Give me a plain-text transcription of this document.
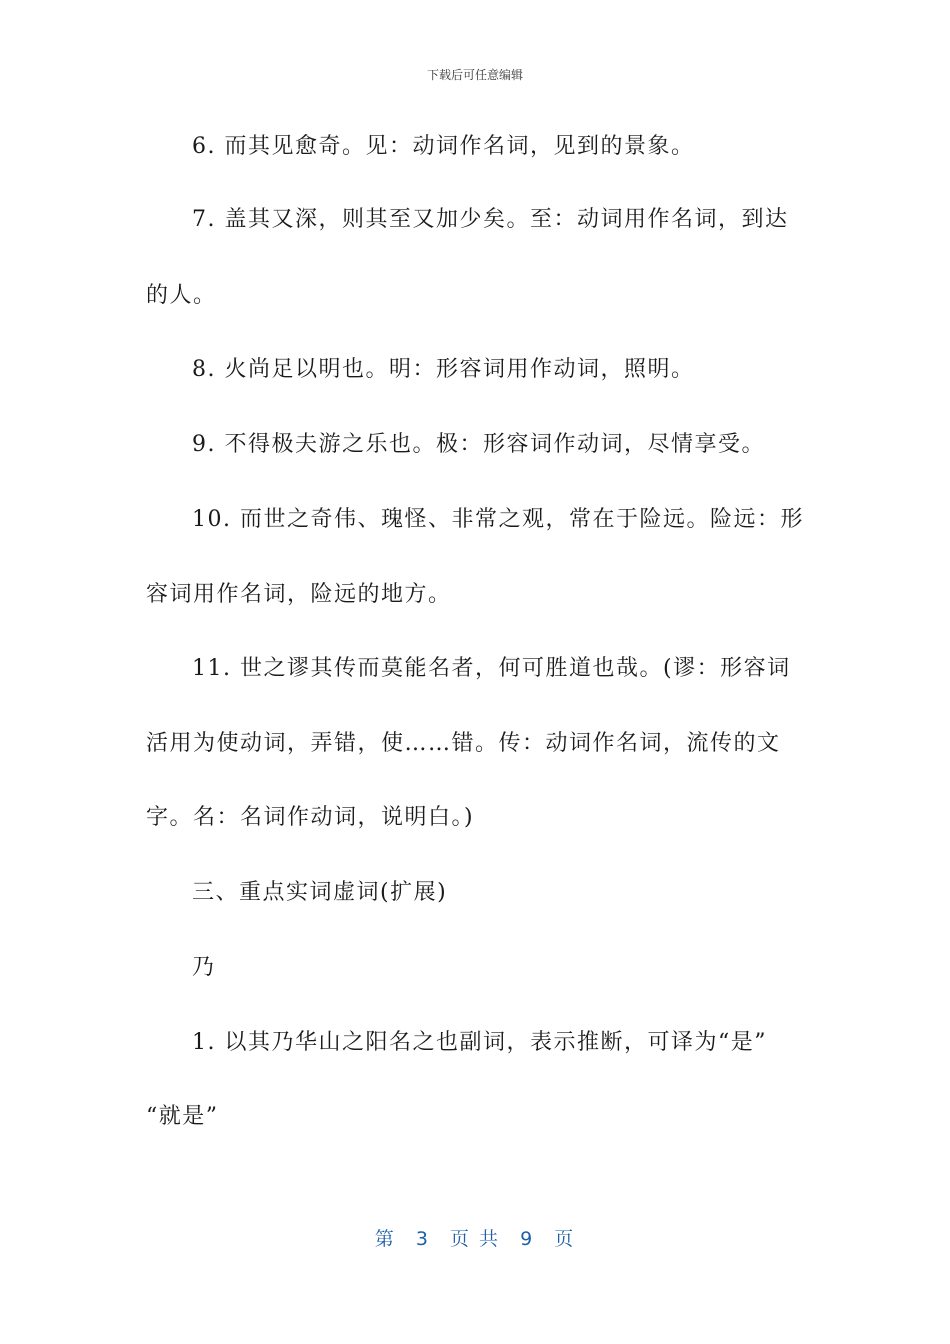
下载后可任意编辑
6. 而其见愈奇。见：动词作名词，见到的景象。
7. 盖其又深，则其至又加少矣。至：动词用作名词，到达
的人。
8. 火尚足以明也。明：形容词用作动词，照明。
9. 不得极夫游之乐也。极：形容词作动词，尽情享受。
10. 而世之奇伟、瑰怪、非常之观，常在于险远。险远：形
容词用作名词，险远的地方。
11. 世之谬其传而莫能名者，何可胜道也哉。(谬：形容词
活用为使动词，弄错，使……错。传：动词作名词，流传的文
字。名：名词作动词，说明白。)
三、重点实词虚词(扩展)
乃
1. 以其乃华山之阳名之也副词，表示推断，可译为“是”
“就是”
第 3 页 共 9 页
